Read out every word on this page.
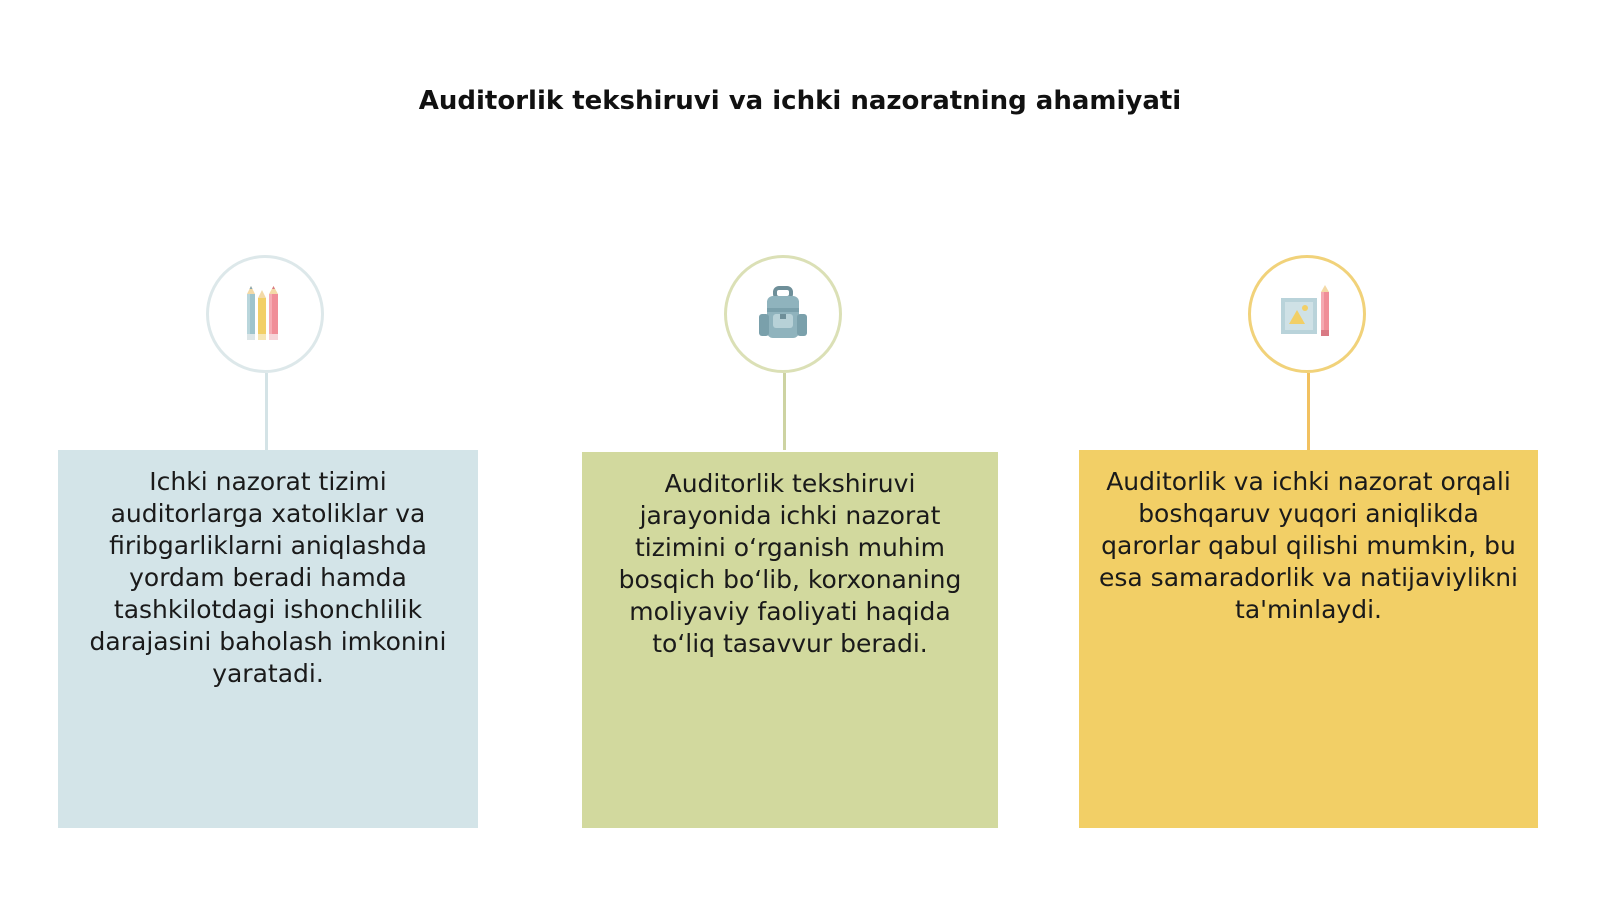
Auditorlik tekshiruvi va ichki nazoratning ahamiyati

Ichki nazorat tizimi auditorlarga xatoliklar va firibgarliklarni aniqlashda yordam beradi hamda tashkilotdagi ishonchlilik darajasini baholash imkonini yaratadi.

Auditorlik tekshiruvi jarayonida ichki nazorat tizimini oʻrganish muhim bosqich boʻlib, korxonaning moliyaviy faoliyati haqida toʻliq tasavvur beradi.

Auditorlik va ichki nazorat orqali boshqaruv yuqori aniqlikda qarorlar qabul qilishi mumkin, bu esa samaradorlik va natijaviylikni ta'minlaydi.
